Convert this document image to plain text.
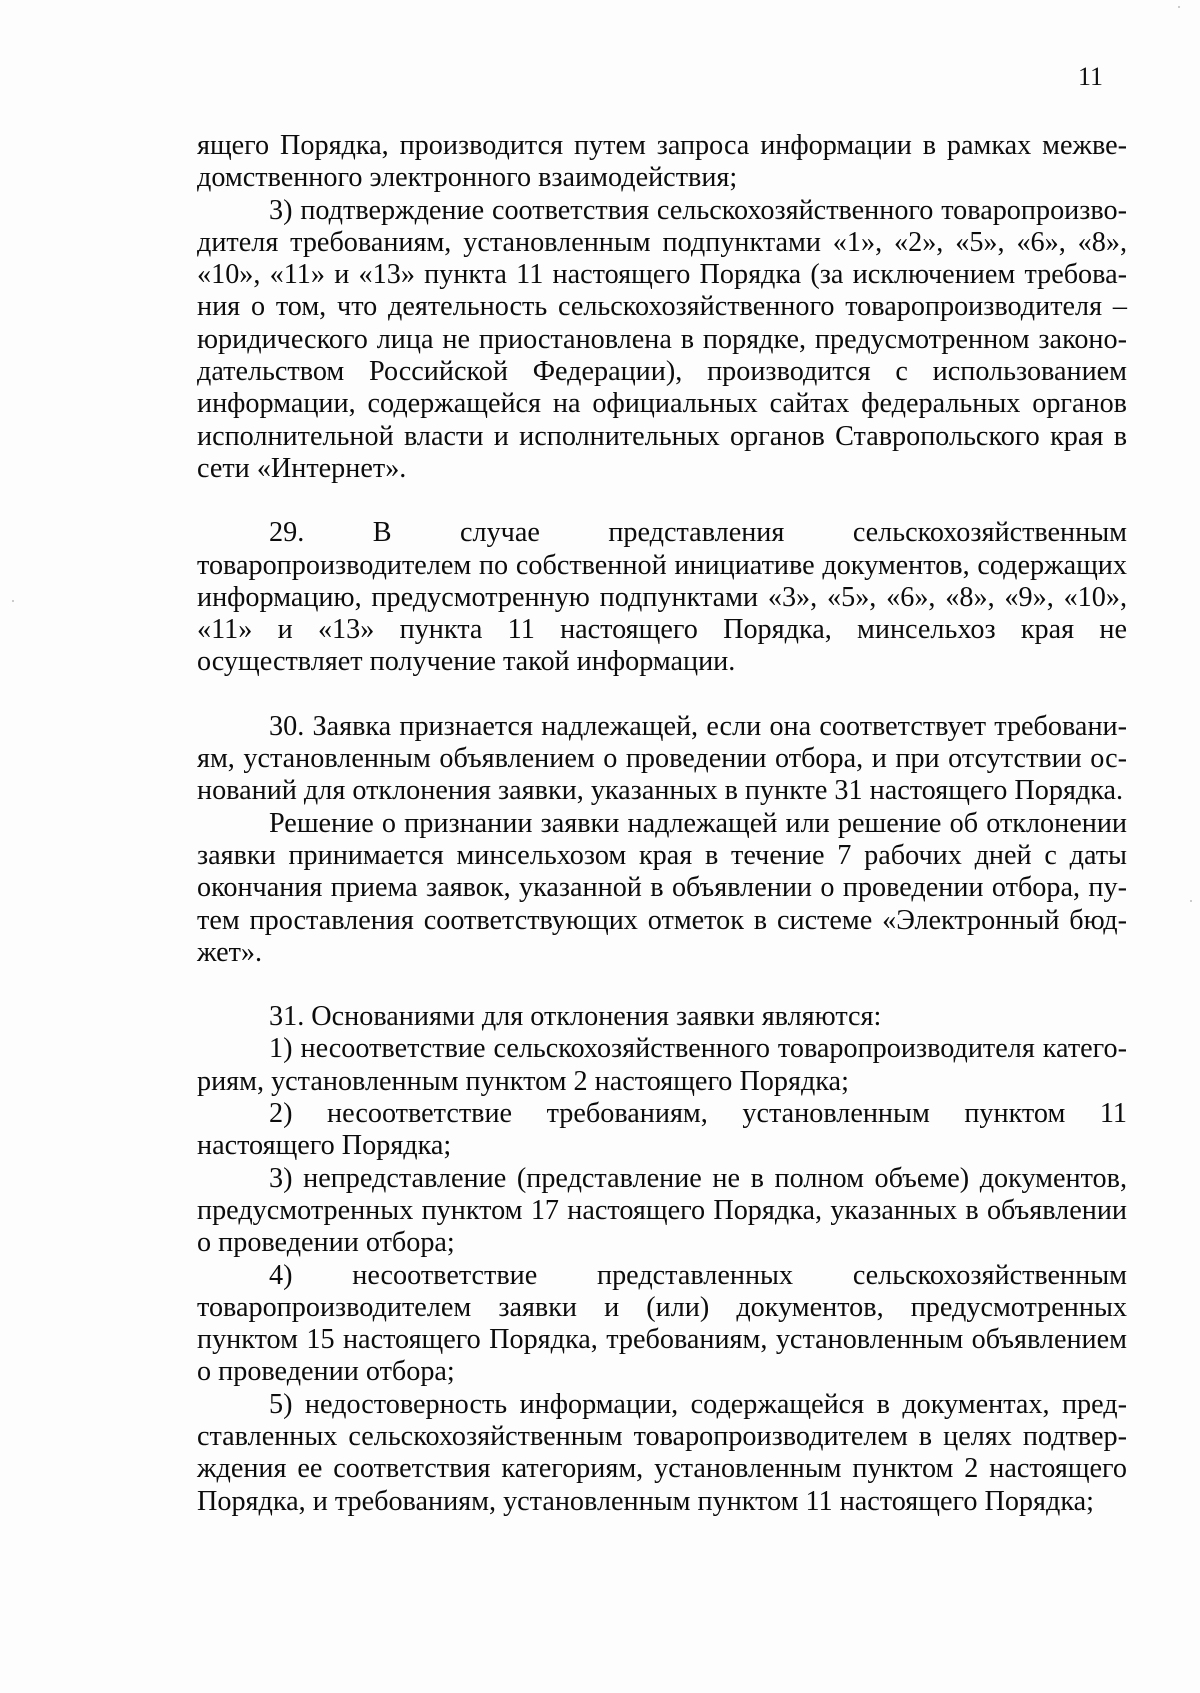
11

ящего Порядка, производится путем запроса информации в рамках межведомственного электронного взаимодействия;

3) подтверждение соответствия сельскохозяйственного товаропроизводителя требованиям, установленным подпунктами «1», «2», «5», «6», «8», «10», «11» и «13» пункта 11 настоящего Порядка (за исключением требования о том, что деятельность сельскохозяйственного товаропроизводителя – юридического лица не приостановлена в порядке, предусмотренном законодательством Российской Федерации), производится с использованием информации, содержащейся на официальных сайтах федеральных органов исполнительной власти и исполнительных органов Ставропольского края в сети «Интернет».

29. В случае представления сельскохозяйственным товаропроизводителем по собственной инициативе документов, содержащих информацию, предусмотренную подпунктами «3», «5», «6», «8», «9», «10», «11» и «13» пункта 11 настоящего Порядка, минсельхоз края не осуществляет получение такой информации.

30. Заявка признается надлежащей, если она соответствует требованиям, установленным объявлением о проведении отбора, и при отсутствии оснований для отклонения заявки, указанных в пункте 31 настоящего Порядка.

Решение о признании заявки надлежащей или решение об отклонении заявки принимается минсельхозом края в течение 7 рабочих дней с даты окончания приема заявок, указанной в объявлении о проведении отбора, путем проставления соответствующих отметок в системе «Электронный бюджет».

31. Основаниями для отклонения заявки являются:

1) несоответствие сельскохозяйственного товаропроизводителя категориям, установленным пунктом 2 настоящего Порядка;

2) несоответствие требованиям, установленным пунктом 11 настоящего Порядка;

3) непредставление (представление не в полном объеме) документов, предусмотренных пунктом 17 настоящего Порядка, указанных в объявлении о проведении отбора;

4) несоответствие представленных сельскохозяйственным товаропроизводителем заявки и (или) документов, предусмотренных пунктом 15 настоящего Порядка, требованиям, установленным объявлением о проведении отбора;

5) недостоверность информации, содержащейся в документах, представленных сельскохозяйственным товаропроизводителем в целях подтверждения ее соответствия категориям, установленным пунктом 2 настоящего Порядка, и требованиям, установленным пунктом 11 настоящего Порядка;
